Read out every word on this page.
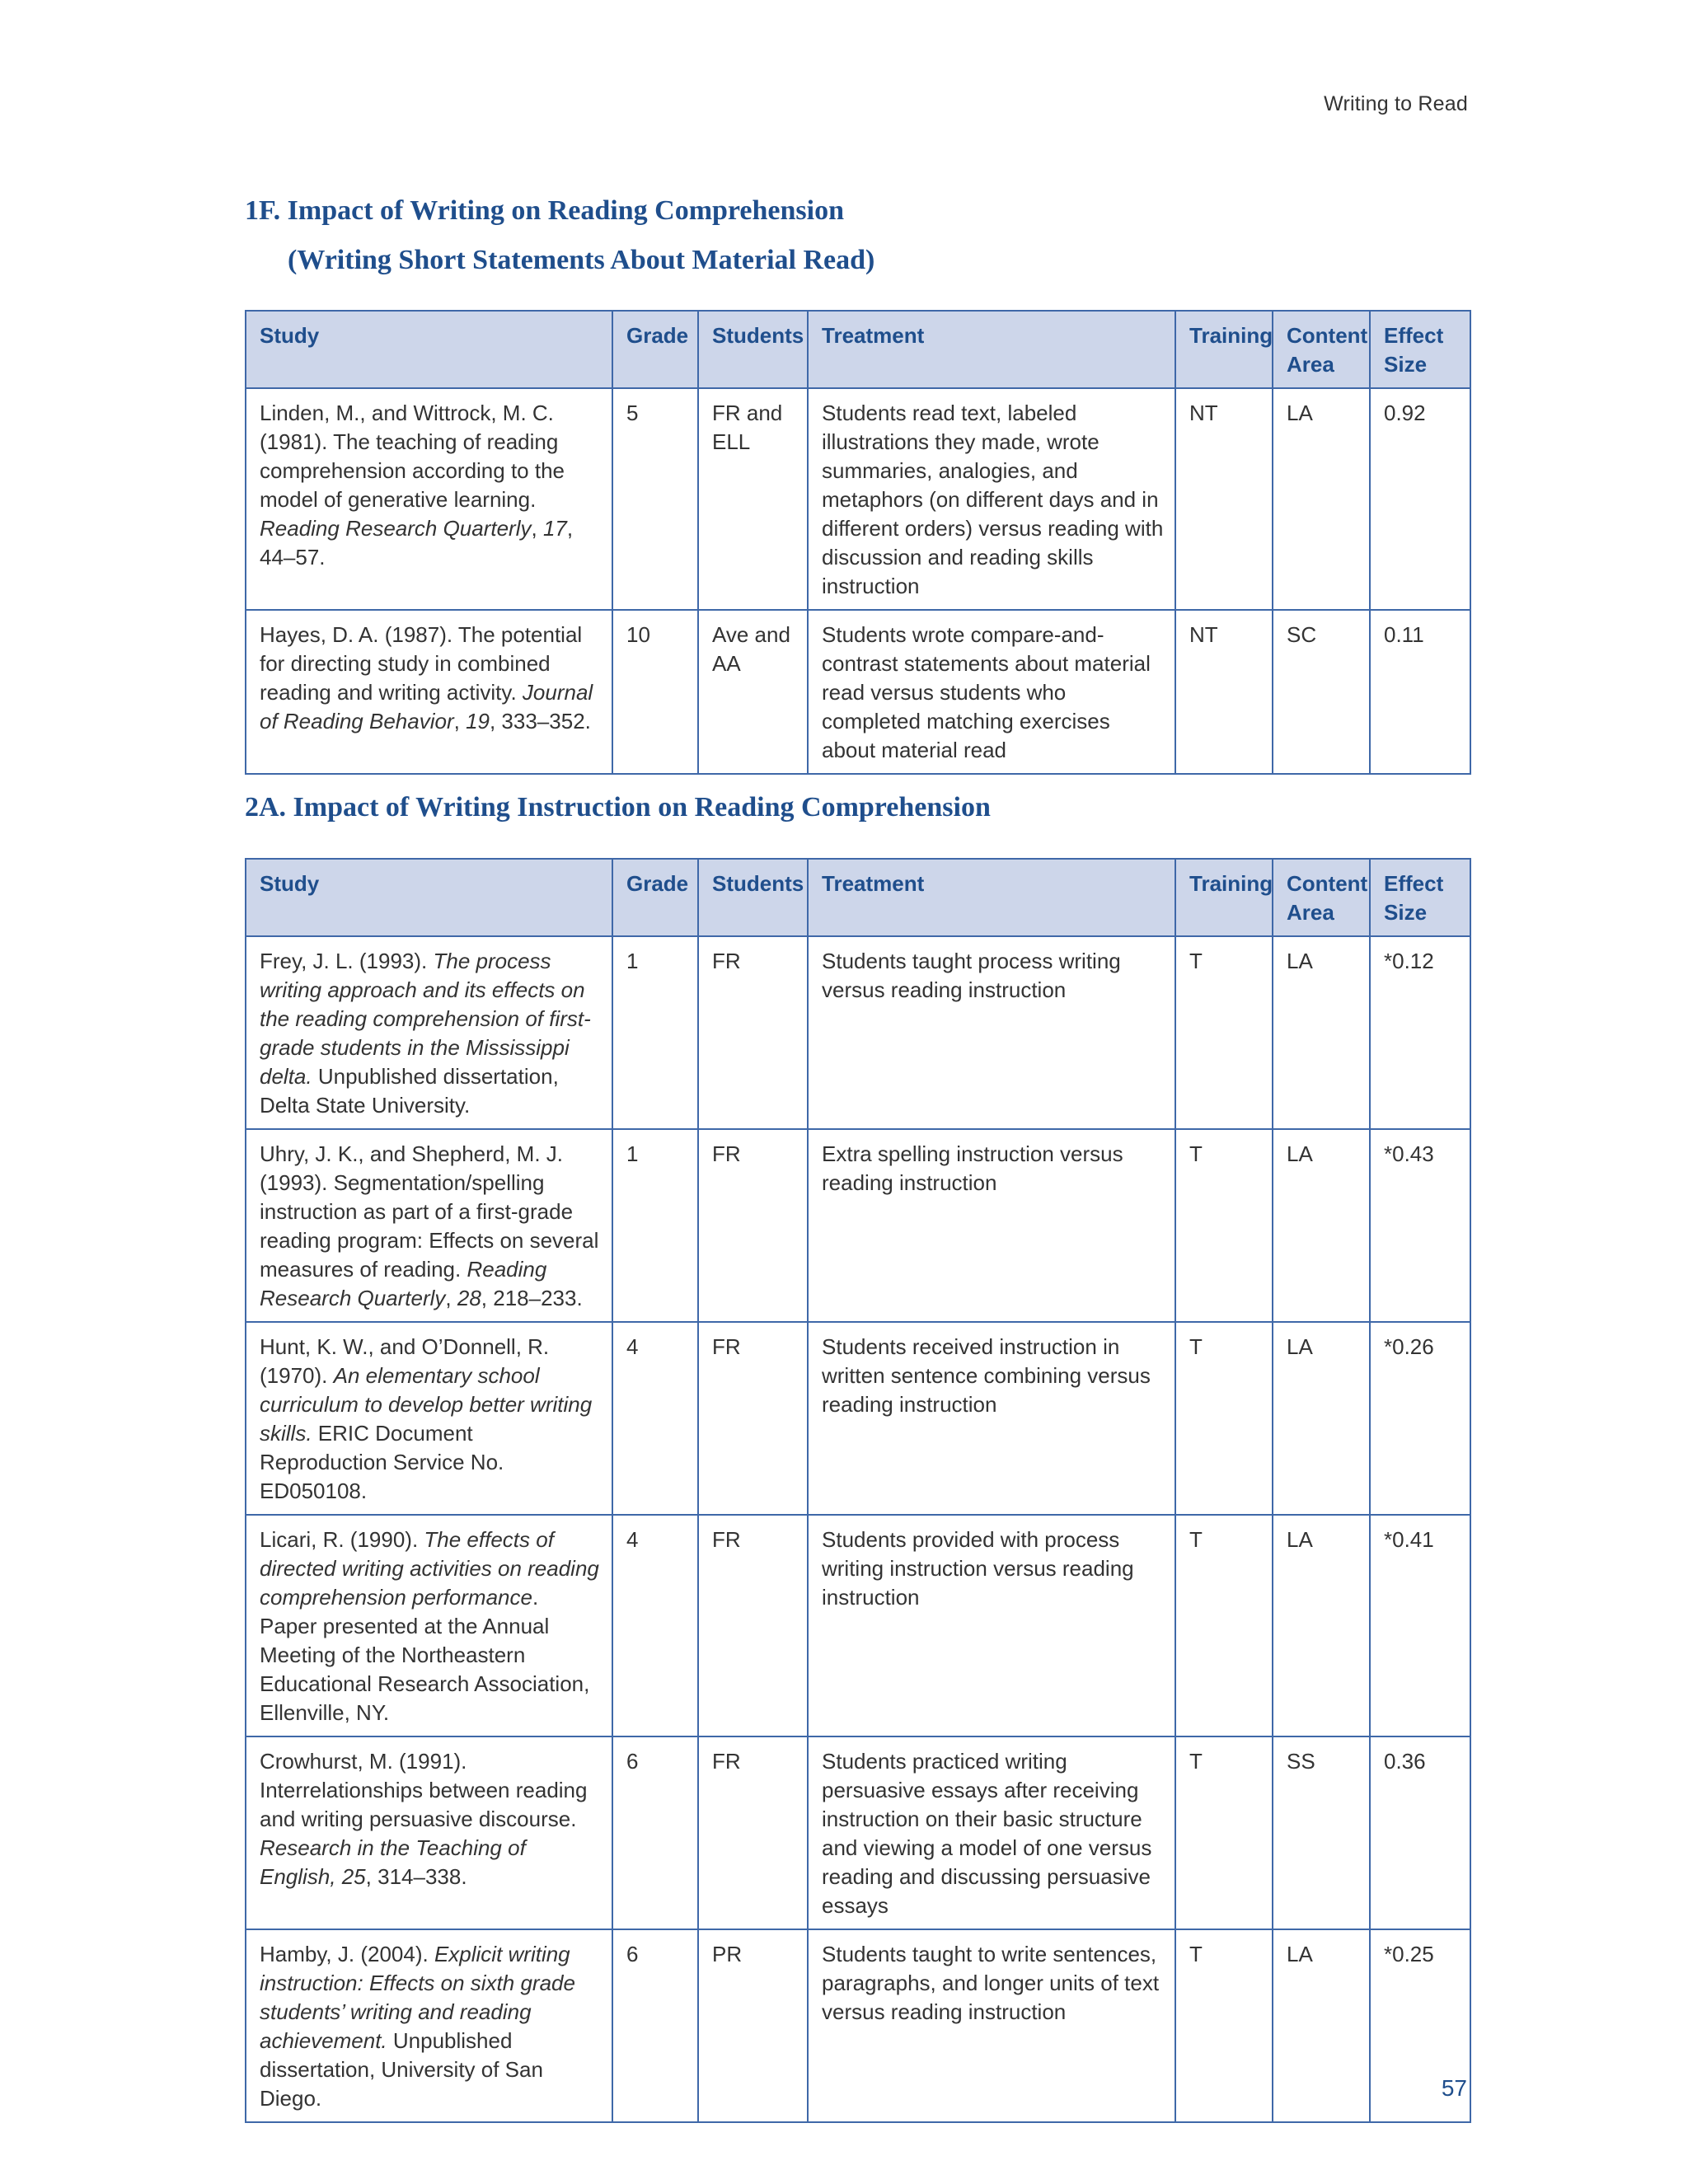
Writing to Read
1F. Impact of Writing on Reading Comprehension
(Writing Short Statements About Material Read)
Study	Grade	Students	Treatment	Training	Content Area	Effect Size
Linden, M., and Wittrock, M. C. (1981). The teaching of reading comprehension according to the model of generative learning. Reading Research Quarterly, 17, 44–57.	5	FR and ELL	Students read text, labeled illustrations they made, wrote summaries, analogies, and metaphors (on different days and in different orders) versus reading with discussion and reading skills instruction	NT	LA	0.92
Hayes, D. A. (1987). The potential for directing study in combined reading and writing activity. Journal of Reading Behavior, 19, 333–352.	10	Ave and AA	Students wrote compare-and-contrast statements about material read versus students who completed matching exercises about material read	NT	SC	0.11
2A. Impact of Writing Instruction on Reading Comprehension
Study	Grade	Students	Treatment	Training	Content Area	Effect Size
Frey, J. L. (1993). The process writing approach and its effects on the reading comprehension of first-grade students in the Mississippi delta. Unpublished dissertation, Delta State University.	1	FR	Students taught process writing versus reading instruction	T	LA	*0.12
Uhry, J. K., and Shepherd, M. J. (1993). Segmentation/spelling instruction as part of a first-grade reading program: Effects on several measures of reading. Reading Research Quarterly, 28, 218–233.	1	FR	Extra spelling instruction versus reading instruction	T	LA	*0.43
Hunt, K. W., and O’Donnell, R. (1970). An elementary school curriculum to develop better writing skills. ERIC Document Reproduction Service No. ED050108.	4	FR	Students received instruction in written sentence combining versus reading instruction	T	LA	*0.26
Licari, R. (1990). The effects of directed writing activities on reading comprehension performance. Paper presented at the Annual Meeting of the Northeastern Educational Research Association, Ellenville, NY.	4	FR	Students provided with process writing instruction versus reading instruction	T	LA	*0.41
Crowhurst, M. (1991). Interrelationships between reading and writing persuasive discourse. Research in the Teaching of English, 25, 314–338.	6	FR	Students practiced writing persuasive essays after receiving instruction on their basic structure and viewing a model of one versus reading and discussing persuasive essays	T	SS	0.36
Hamby, J. (2004). Explicit writing instruction: Effects on sixth grade students’ writing and reading achievement. Unpublished dissertation, University of San Diego.	6	PR	Students taught to write sentences, paragraphs, and longer units of text versus reading instruction	T	LA	*0.25
57
